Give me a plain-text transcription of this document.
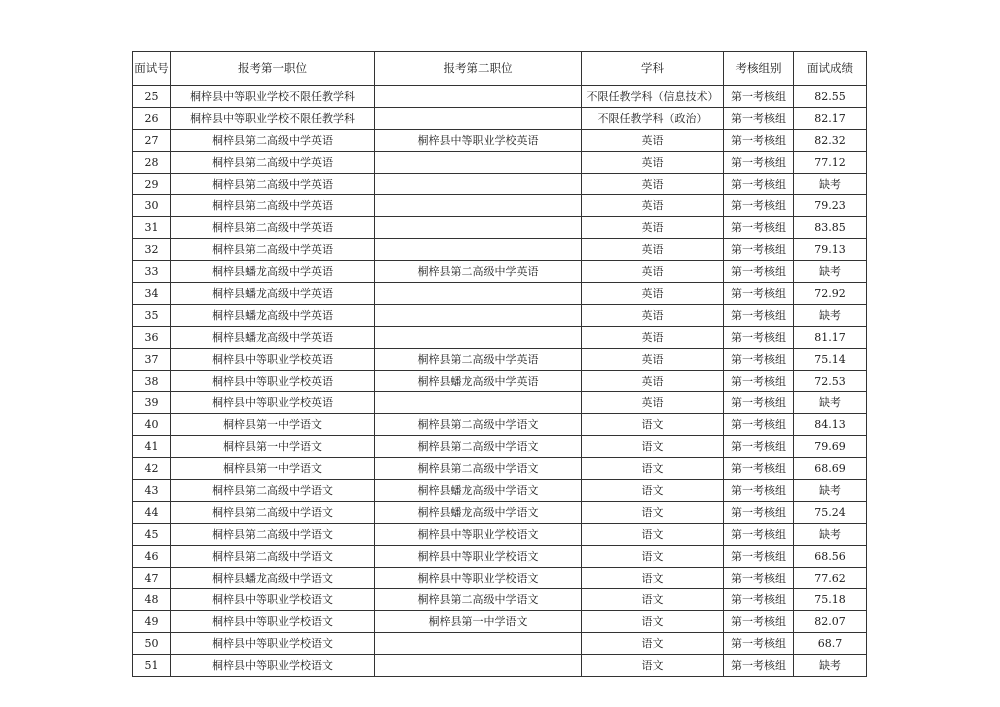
面试号	报考第一职位	报考第二职位	学科	考核组别	面试成绩
25	桐梓县中等职业学校不限任教学科		不限任教学科（信息技术）	第一考核组	82.55
26	桐梓县中等职业学校不限任教学科		不限任教学科（政治）	第一考核组	82.17
27	桐梓县第二高级中学英语	桐梓县中等职业学校英语	英语	第一考核组	82.32
28	桐梓县第二高级中学英语		英语	第一考核组	77.12
29	桐梓县第二高级中学英语		英语	第一考核组	缺考
30	桐梓县第二高级中学英语		英语	第一考核组	79.23
31	桐梓县第二高级中学英语		英语	第一考核组	83.85
32	桐梓县第二高级中学英语		英语	第一考核组	79.13
33	桐梓县蟠龙高级中学英语	桐梓县第二高级中学英语	英语	第一考核组	缺考
34	桐梓县蟠龙高级中学英语		英语	第一考核组	72.92
35	桐梓县蟠龙高级中学英语		英语	第一考核组	缺考
36	桐梓县蟠龙高级中学英语		英语	第一考核组	81.17
37	桐梓县中等职业学校英语	桐梓县第二高级中学英语	英语	第一考核组	75.14
38	桐梓县中等职业学校英语	桐梓县蟠龙高级中学英语	英语	第一考核组	72.53
39	桐梓县中等职业学校英语		英语	第一考核组	缺考
40	桐梓县第一中学语文	桐梓县第二高级中学语文	语文	第一考核组	84.13
41	桐梓县第一中学语文	桐梓县第二高级中学语文	语文	第一考核组	79.69
42	桐梓县第一中学语文	桐梓县第二高级中学语文	语文	第一考核组	68.69
43	桐梓县第二高级中学语文	桐梓县蟠龙高级中学语文	语文	第一考核组	缺考
44	桐梓县第二高级中学语文	桐梓县蟠龙高级中学语文	语文	第一考核组	75.24
45	桐梓县第二高级中学语文	桐梓县中等职业学校语文	语文	第一考核组	缺考
46	桐梓县第二高级中学语文	桐梓县中等职业学校语文	语文	第一考核组	68.56
47	桐梓县蟠龙高级中学语文	桐梓县中等职业学校语文	语文	第一考核组	77.62
48	桐梓县中等职业学校语文	桐梓县第二高级中学语文	语文	第一考核组	75.18
49	桐梓县中等职业学校语文	桐梓县第一中学语文	语文	第一考核组	82.07
50	桐梓县中等职业学校语文		语文	第一考核组	68.7
51	桐梓县中等职业学校语文		语文	第一考核组	缺考
